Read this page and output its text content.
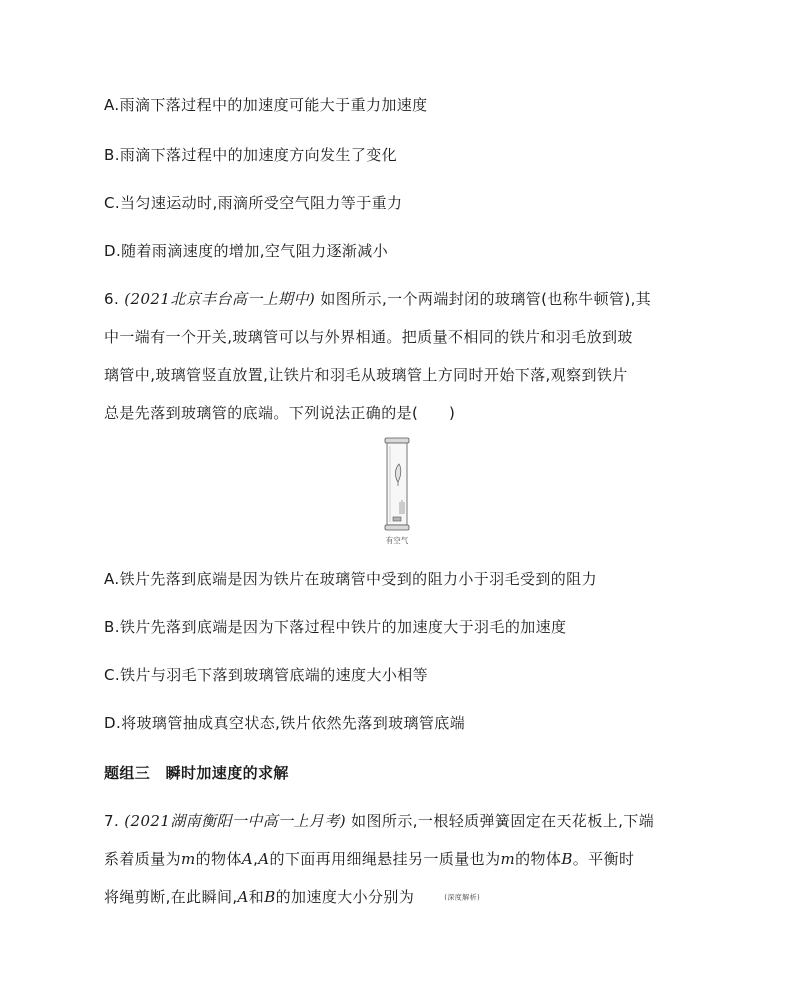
A.雨滴下落过程中的加速度可能大于重力加速度
B.雨滴下落过程中的加速度方向发生了变化
C.当匀速运动时,雨滴所受空气阻力等于重力
D.随着雨滴速度的增加,空气阻力逐渐减小
6. (2021北京丰台高一上期中) 如图所示,一个两端封闭的玻璃管(也称牛顿管),其
中一端有一个开关,玻璃管可以与外界相通。把质量不相同的铁片和羽毛放到玻
璃管中,玻璃管竖直放置,让铁片和羽毛从玻璃管上方同时开始下落,观察到铁片
总是先落到玻璃管的底端。下列说法正确的是(　　)
有空气
A.铁片先落到底端是因为铁片在玻璃管中受到的阻力小于羽毛受到的阻力
B.铁片先落到底端是因为下落过程中铁片的加速度大于羽毛的加速度
C.铁片与羽毛下落到玻璃管底端的速度大小相等
D.将玻璃管抽成真空状态,铁片依然先落到玻璃管底端
题组三　瞬时加速度的求解
7. (2021湖南衡阳一中高一上月考) 如图所示,一根轻质弹簧固定在天花板上,下端
系着质量为m的物体A,A的下面再用细绳悬挂另一质量也为m的物体B。平衡时
将绳剪断,在此瞬间,A和B的加速度大小分别为	(深度解析)
